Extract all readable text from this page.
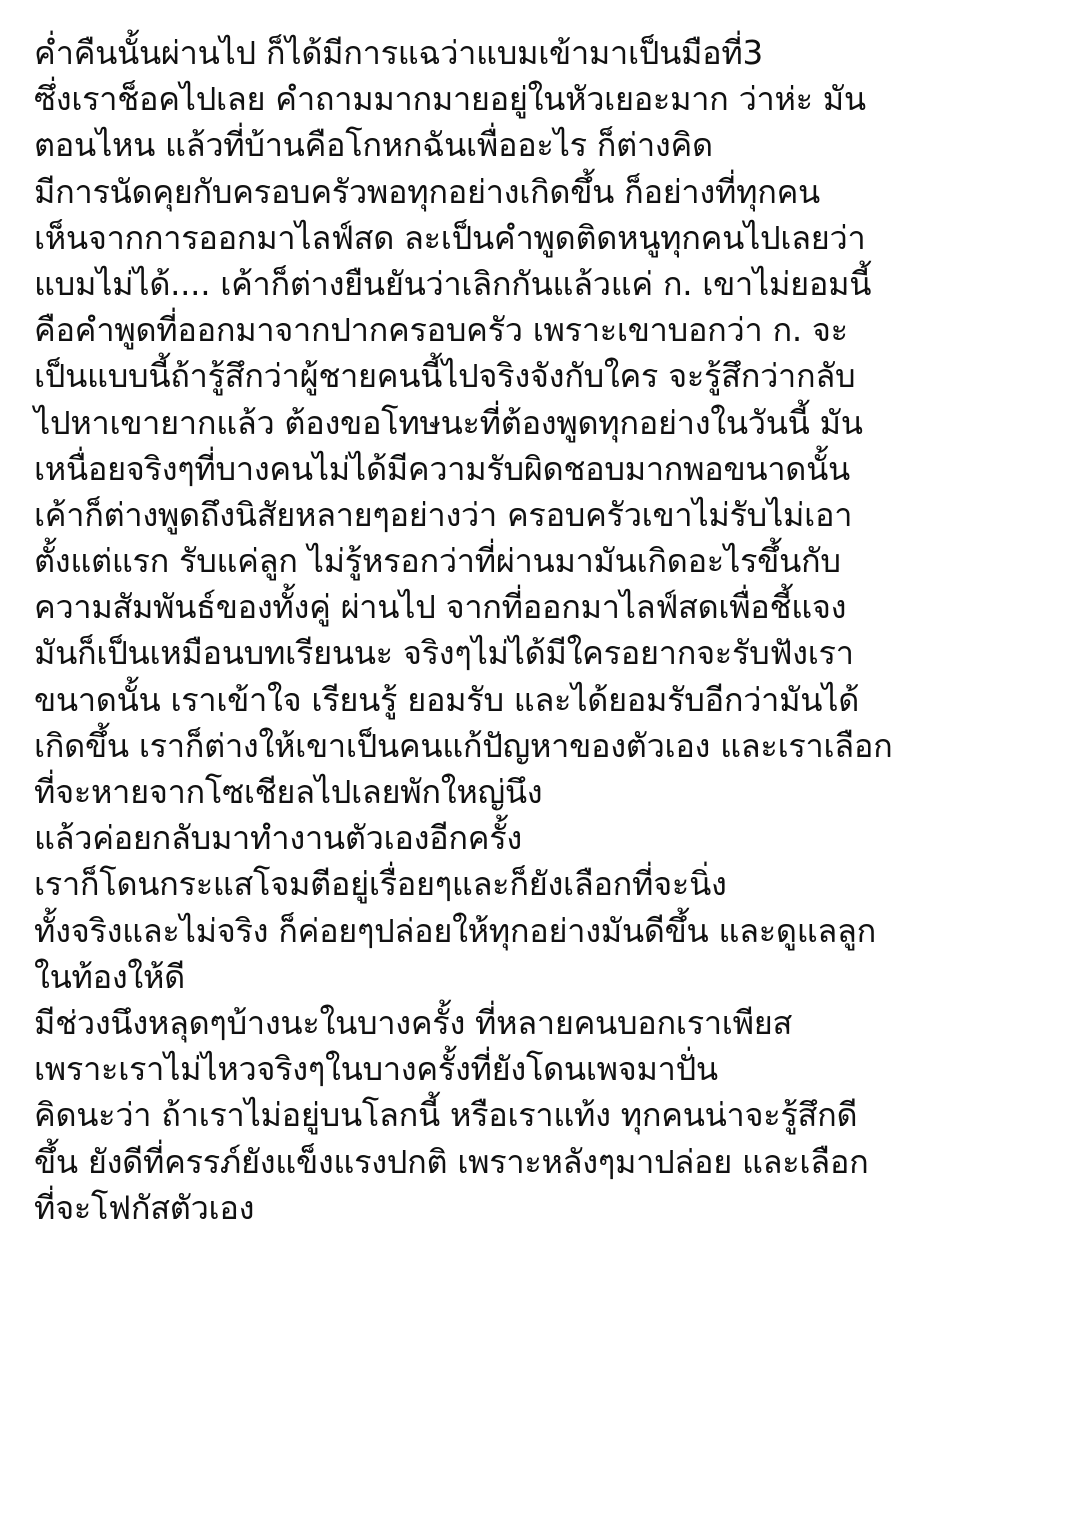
ค่ำคืนนั้นผ่านไป ก็ได้มีการแฉว่าแบมเข้ามาเป็นมือที่3
ซึ่งเราช็อคไปเลย คำถามมากมายอยู่ในหัวเยอะมาก ว่าห่ะ มัน
ตอนไหน แล้วที่บ้านคือโกหกฉันเพื่ออะไร ก็ต่างคิด
มีการนัดคุยกับครอบครัวพอทุกอย่างเกิดขึ้น ก็อย่างที่ทุกคน
เห็นจากการออกมาไลฟ์สด ละเป็นคำพูดติดหนูทุกคนไปเลยว่า
แบมไม่ได้.... เค้าก็ต่างยืนยันว่าเลิกกันแล้วแค่ ก. เขาไม่ยอมนี้
คือคำพูดที่ออกมาจากปากครอบครัว เพราะเขาบอกว่า ก. จะ
เป็นแบบนี้ถ้ารู้สึกว่าผู้ชายคนนี้ไปจริงจังกับใคร จะรู้สึกว่ากลับ
ไปหาเขายากแล้ว ต้องขอโทษนะที่ต้องพูดทุกอย่างในวันนี้ มัน
เหนื่อยจริงๆที่บางคนไม่ได้มีความรับผิดชอบมากพอขนาดนั้น
เค้าก็ต่างพูดถึงนิสัยหลายๆอย่างว่า ครอบครัวเขาไม่รับไม่เอา
ตั้งแต่แรก รับแค่ลูก ไม่รู้หรอกว่าที่ผ่านมามันเกิดอะไรขึ้นกับ
ความสัมพันธ์ของทั้งคู่ ผ่านไป จากที่ออกมาไลฟ์สดเพื่อชี้แจง
มันก็เป็นเหมือนบทเรียนนะ จริงๆไม่ได้มีใครอยากจะรับฟังเรา
ขนาดนั้น เราเข้าใจ เรียนรู้ ยอมรับ และได้ยอมรับอีกว่ามันได้
เกิดขึ้น เราก็ต่างให้เขาเป็นคนแก้ปัญหาของตัวเอง และเราเลือก
ที่จะหายจากโซเชียลไปเลยพักใหญ่นึง
แล้วค่อยกลับมาทำงานตัวเองอีกครั้ง
เราก็โดนกระแสโจมตีอยู่เรื่อยๆและก็ยังเลือกที่จะนิ่ง
ทั้งจริงและไม่จริง ก็ค่อยๆปล่อยให้ทุกอย่างมันดีขึ้น และดูแลลูก
ในท้องให้ดี
มีช่วงนึงหลุดๆบ้างนะในบางครั้ง ที่หลายคนบอกเราเพียส
เพราะเราไม่ไหวจริงๆในบางครั้งที่ยังโดนเพจมาปั่น
คิดนะว่า ถ้าเราไม่อยู่บนโลกนี้ หรือเราแท้ง ทุกคนน่าจะรู้สึกดี
ขึ้น ยังดีที่ครรภ์ยังแข็งแรงปกติ เพราะหลังๆมาปล่อย และเลือก
ที่จะโฟกัสตัวเอง
